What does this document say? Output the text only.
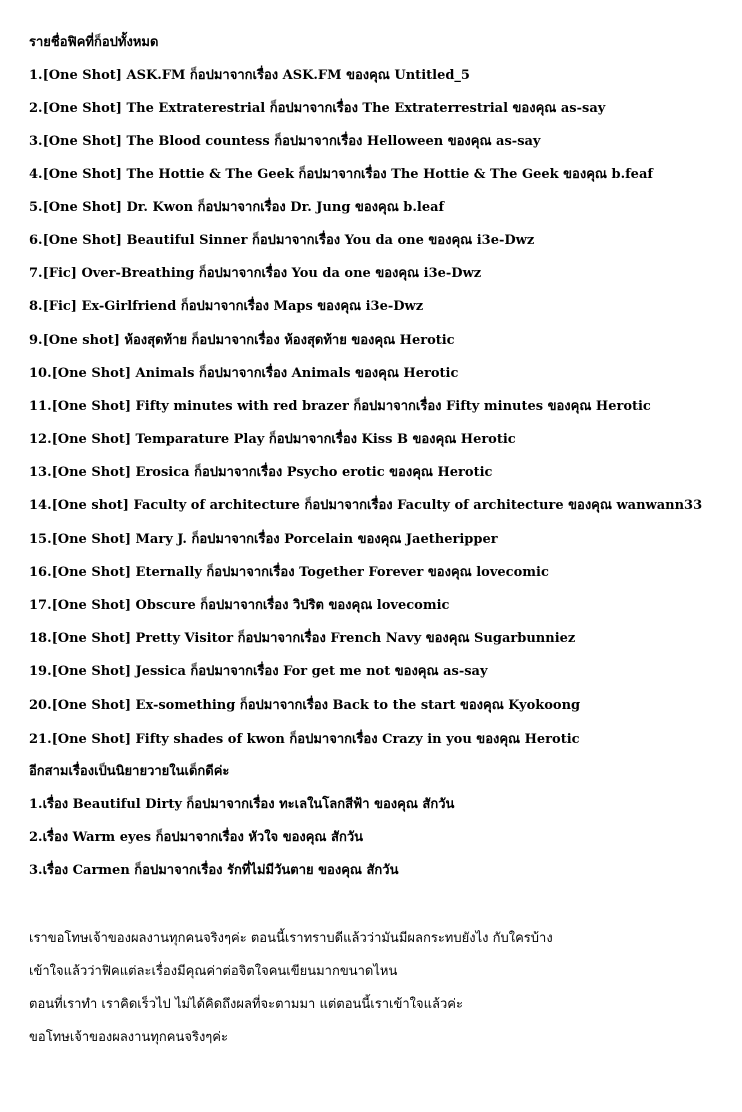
รายชื่อฟิคที่ก็อปทั้งหมด
1.[One Shot] ASK.FM ก็อปมาจากเรื่อง ASK.FM ของคุณ Untitled_5
2.[One Shot] The Extraterestrial ก็อปมาจากเรื่อง The Extraterrestrial ของคุณ as-say
3.[One Shot] The Blood countess ก็อปมาจากเรื่อง Helloween ของคุณ as-say
4.[One Shot] The Hottie & The Geek ก็อปมาจากเรื่อง The Hottie & The Geek ของคุณ b.feaf
5.[One Shot] Dr. Kwon ก็อปมาจากเรื่อง Dr. Jung ของคุณ b.leaf
6.[One Shot] Beautiful Sinner ก็อปมาจากเรื่อง You da one ของคุณ i3e-Dwz
7.[Fic] Over-Breathing ก็อปมาจากเรื่อง You da one ของคุณ i3e-Dwz
8.[Fic] Ex-Girlfriend ก็อปมาจากเรื่อง Maps ของคุณ i3e-Dwz
9.[One shot] ห้องสุดท้าย ก็อปมาจากเรื่อง ห้องสุดท้าย ของคุณ Herotic
10.[One Shot] Animals ก็อปมาจากเรื่อง Animals ของคุณ Herotic
11.[One Shot] Fifty minutes with red brazer ก็อปมาจากเรื่อง Fifty minutes ของคุณ Herotic
12.[One Shot] Temparature Play ก็อปมาจากเรื่อง Kiss B ของคุณ Herotic
13.[One Shot] Erosica ก็อปมาจากเรื่อง Psycho erotic ของคุณ Herotic
14.[One shot] Faculty of architecture ก็อปมาจากเรื่อง Faculty of architecture ของคุณ wanwann33
15.[One Shot] Mary J. ก็อปมาจากเรื่อง Porcelain ของคุณ Jaetheripper
16.[One Shot] Eternally ก็อปมาจากเรื่อง Together Forever ของคุณ lovecomic
17.[One Shot] Obscure ก็อปมาจากเรื่อง วิปริต ของคุณ lovecomic
18.[One Shot] Pretty Visitor ก็อปมาจากเรื่อง French Navy ของคุณ Sugarbunniez
19.[One Shot] Jessica ก็อปมาจากเรื่อง For get me not ของคุณ as-say
20.[One Shot] Ex-something ก็อปมาจากเรื่อง Back to the start ของคุณ Kyokoong
21.[One Shot] Fifty shades of kwon ก็อปมาจากเรื่อง Crazy in you ของคุณ Herotic
อีกสามเรื่องเป็นนิยายวายในเด็กดีค่ะ
1.เรื่อง Beautiful Dirty ก็อปมาจากเรื่อง ทะเลในโลกสีฟ้า ของคุณ สักวัน
2.เรื่อง Warm eyes ก็อปมาจากเรื่อง หัวใจ ของคุณ สักวัน
3.เรื่อง Carmen ก็อปมาจากเรื่อง รักที่ไม่มีวันตาย ของคุณ สักวัน
เราขอโทษเจ้าของผลงานทุกคนจริงๆค่ะ ตอนนี้เราทราบดีแล้วว่ามันมีผลกระทบยังไง กับใครบ้าง
เข้าใจแล้วว่าฟิคแต่ละเรื่องมีคุณค่าต่อจิตใจคนเขียนมากขนาดไหน
ตอนที่เราทำ เราคิดเร็วไป ไม่ได้คิดถึงผลที่จะตามมา แต่ตอนนี้เราเข้าใจแล้วค่ะ
ขอโทษเจ้าของผลงานทุกคนจริงๆค่ะ
